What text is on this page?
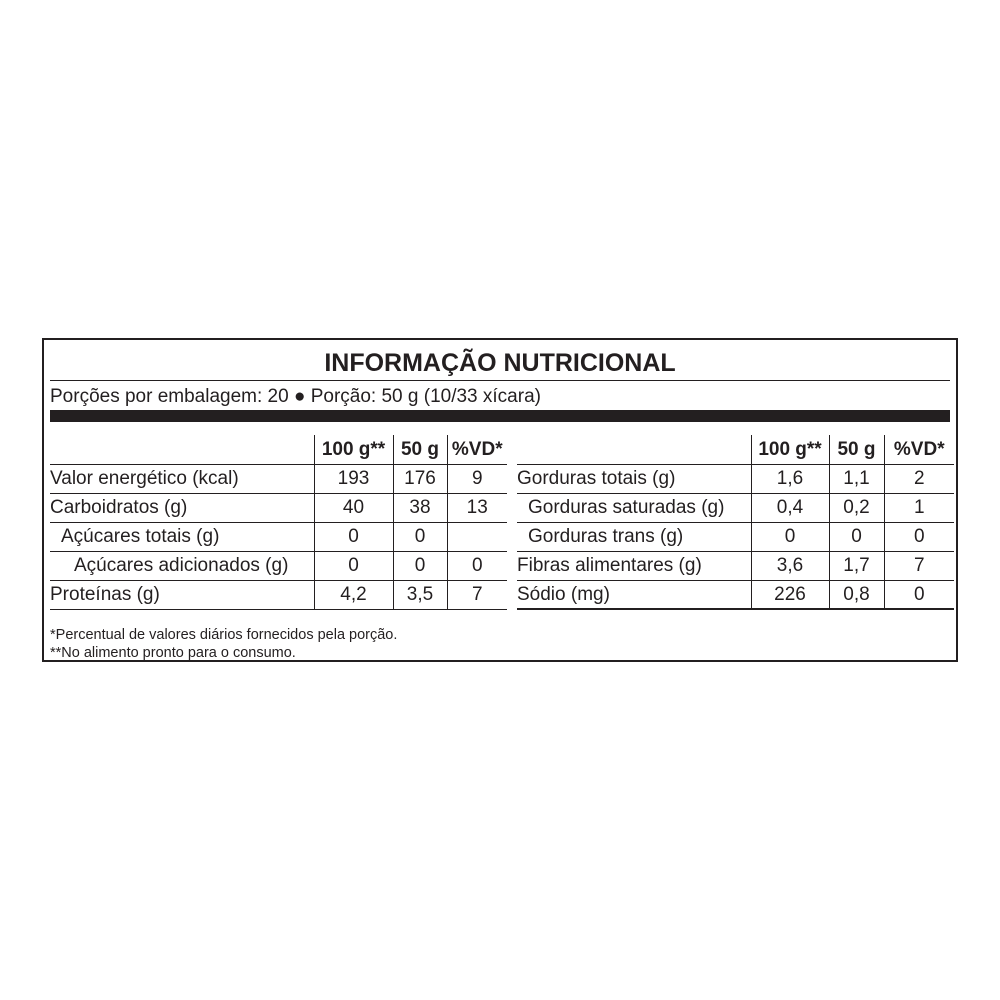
INFORMAÇÃO NUTRICIONAL
Porções por embalagem: 20 ● Porção: 50 g (10/33 xícara)
	100 g**	50 g	%VD*
Valor energético (kcal)	193	176	9
Carboidratos (g)	40	38	13
Açúcares totais (g)	0	0	
Açúcares adicionados (g)	0	0	0
Proteínas (g)	4,2	3,5	7
	100 g**	50 g	%VD*
Gorduras totais (g)	1,6	1,1	2
Gorduras saturadas (g)	0,4	0,2	1
Gorduras trans (g)	0	0	0
Fibras alimentares (g)	3,6	1,7	7
Sódio (mg)	226	0,8	0
*Percentual de valores diários fornecidos pela porção.
**No alimento pronto para o consumo.
